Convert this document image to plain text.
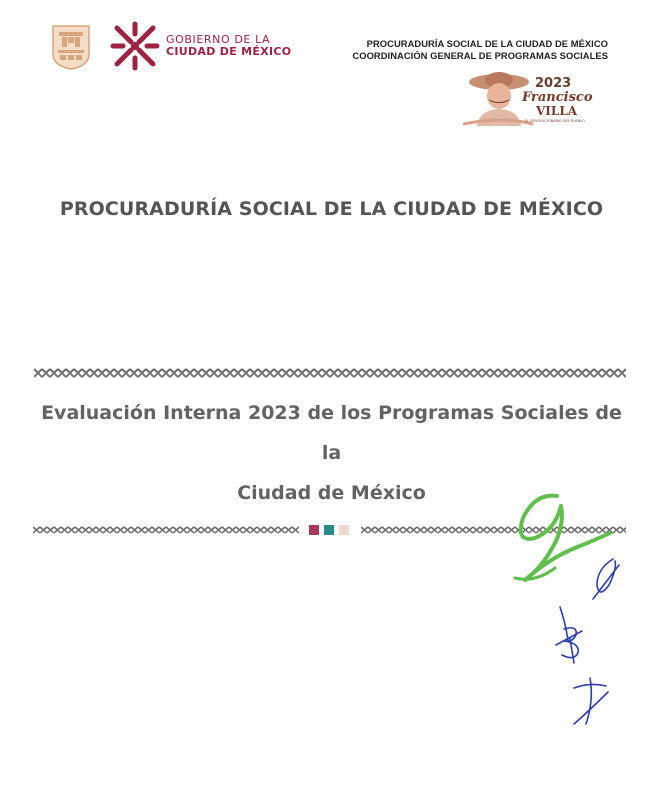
GOBIERNO DE LA
CIUDAD DE MÉXICO
PROCURADURÍA SOCIAL DE LA CIUDAD DE MÉXICO
COORDINACIÓN GENERAL DE PROGRAMAS SOCIALES
2023
Francisco
VILLA
EL REVOLUCIONARIO DEL PUEBLO
PROCURADURÍA SOCIAL DE LA CIUDAD DE MÉXICO
Evaluación Interna 2023 de los Programas Sociales de la
Ciudad de México
